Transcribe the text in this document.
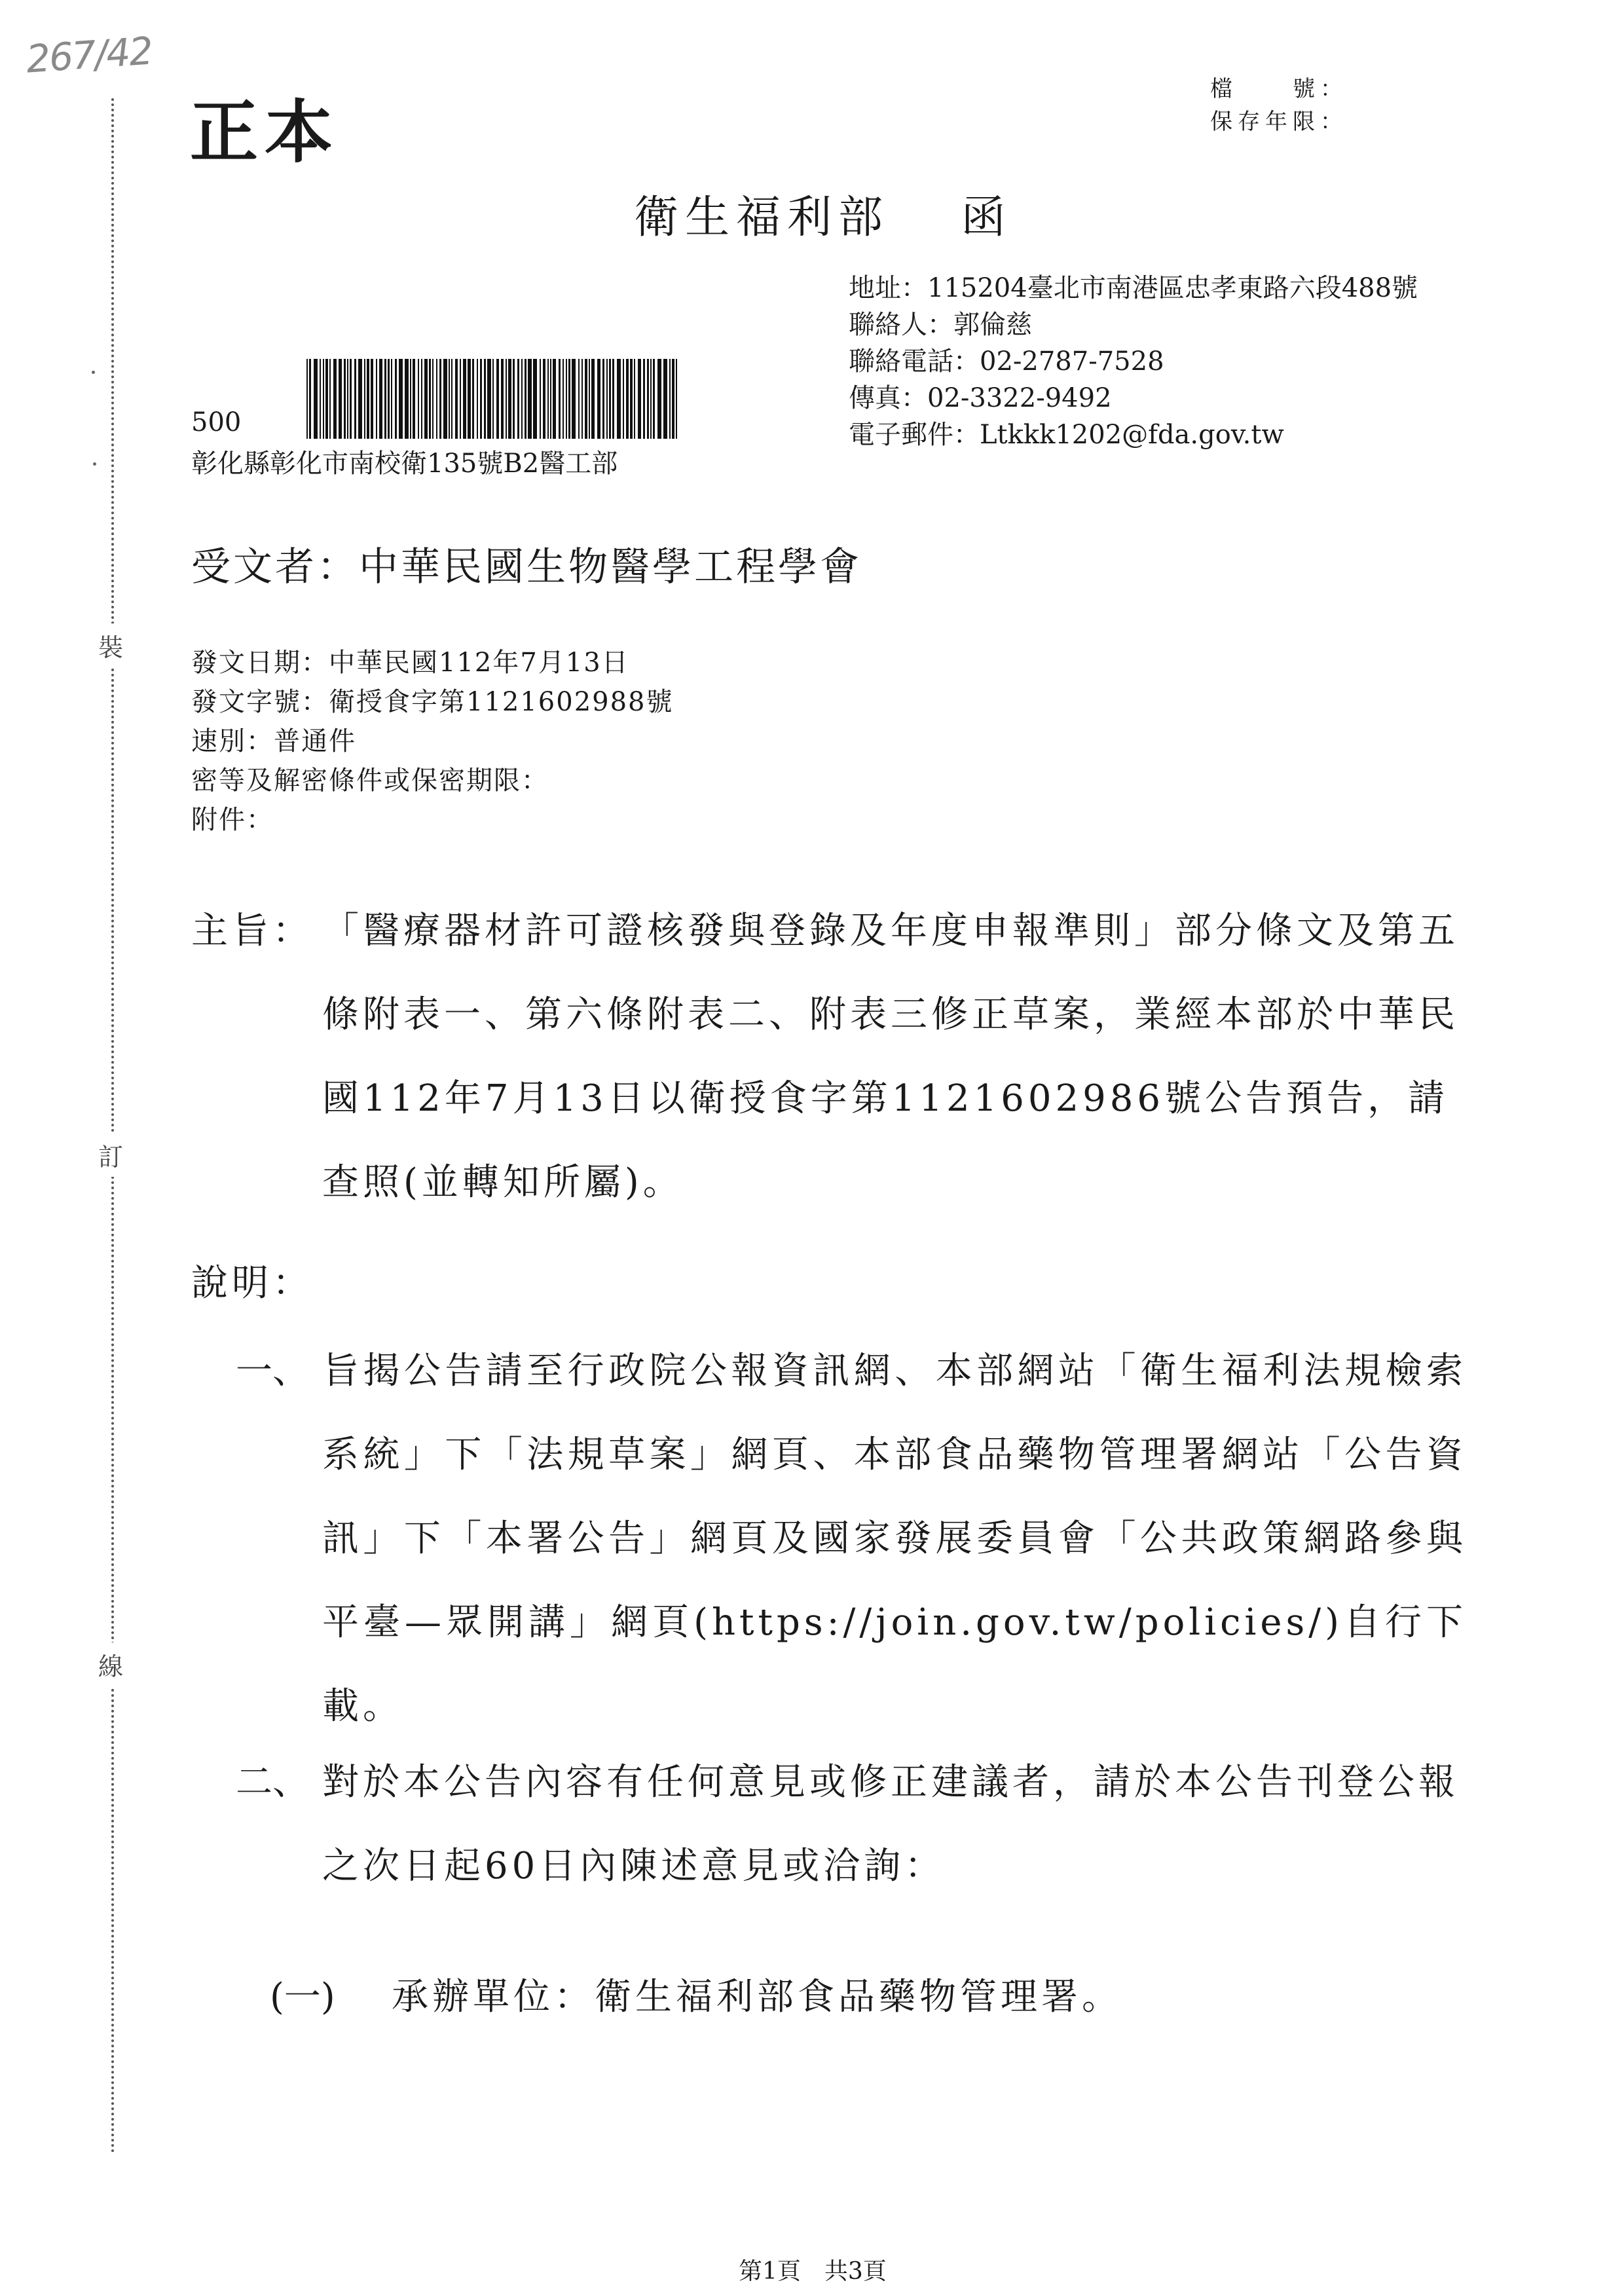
裝
訂
線
267/42
正本
檔　　號：
保存年限：
衛生福利部　 函
地址：115204臺北市南港區忠孝東路六段488號
聯絡人：郭倫慈
聯絡電話：02-2787-7528
傳真：02-3322-9492
電子郵件：Ltkkk1202@fda.gov.tw
500
彰化縣彰化市南校衛135號B2醫工部
受文者：中華民國生物醫學工程學會
發文日期：中華民國112年7月13日
發文字號：衛授食字第1121602988號
速別：普通件
密等及解密條件或保密期限：
附件：
主旨： 「醫療器材許可證核發與登錄及年度申報準則」部分條文及第五條附表一、第六條附表二、附表三修正草案，業經本部於中華民國112年7月13日以衛授食字第1121602986號公告預告，請查照(並轉知所屬)。
說明：
一、 旨揭公告請至行政院公報資訊網、本部網站「衛生福利法規檢索系統」下「法規草案」網頁、本部食品藥物管理署網站「公告資訊」下「本署公告」網頁及國家發展委員會「公共政策網路參與平臺—眾開講」網頁(https://join.gov.tw/policies/)自行下載。
二、 對於本公告內容有任何意見或修正建議者，請於本公告刊登公報之次日起60日內陳述意見或洽詢：
(一) 承辦單位：衛生福利部食品藥物管理署。
第1頁　共3頁
